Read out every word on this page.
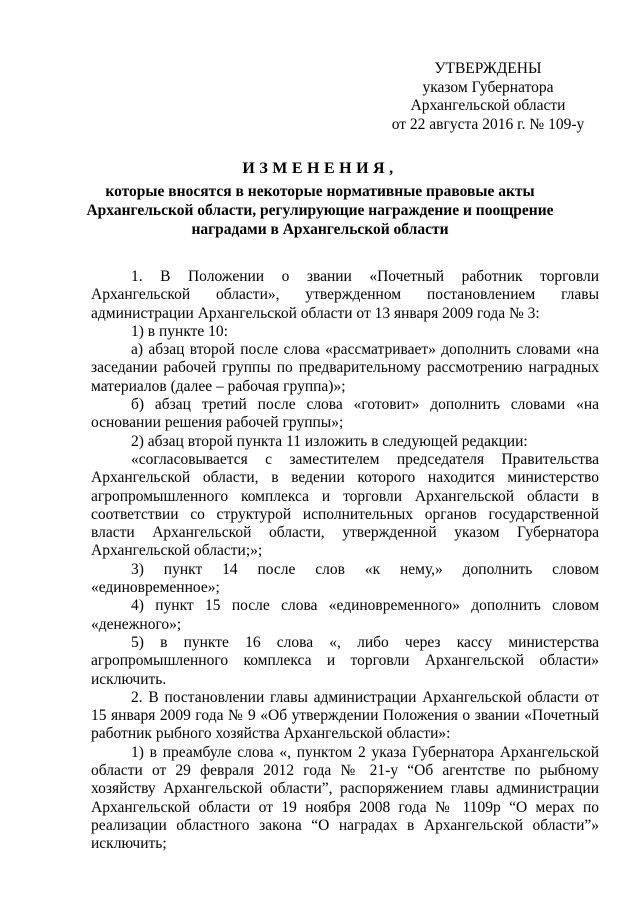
УТВЕРЖДЕНЫ
указом Губернатора
Архангельской области
от 22 августа 2016 г. № 109-у
ИЗМЕНЕНИЯ,
которые вносятся в некоторые нормативные правовые акты
Архангельской области, регулирующие награждение и поощрение
наградами в Архангельской области

1. В Положении о звании «Почетный работник торговли Архангельской области», утвержденном постановлением главы администрации Архангельской области от 13 января 2009 года № 3:

1) в пункте 10:

а) абзац второй после слова «рассматривает» дополнить словами «на заседании рабочей группы по предварительному рассмотрению наградных материалов (далее – рабочая группа)»;

б) абзац третий после слова «готовит» дополнить словами «на основании решения рабочей группы»;

2) абзац второй пункта 11 изложить в следующей редакции:

«согласовывается с заместителем председателя Правительства Архангельской области, в ведении которого находится министерство агропромышленного комплекса и торговли Архангельской области в соответствии со структурой исполнительных органов государственной власти Архангельской области, утвержденной указом Губернатора Архангельской области;»;

3) пункт 14 после слов «к нему,» дополнить словом «единовременное»;

4) пункт 15 после слова «единовременного» дополнить словом «денежного»;

5) в пункте 16 слова «, либо через кассу министерства агропромышленного комплекса и торговли Архангельской области» исключить.

2. В постановлении главы администрации Архангельской области от 15 января 2009 года № 9 «Об утверждении Положения о звании «Почетный работник рыбного хозяйства Архангельской области»:

1) в преамбуле слова «, пунктом 2 указа Губернатора Архангельской области от 29 февраля 2012 года № 21-у “Об агентстве по рыбному хозяйству Архангельской области”, распоряжением главы администрации Архангельской области от 19 ноября 2008 года № 1109р “О мерах по реализации областного закона “О наградах в Архангельской области”» исключить;
